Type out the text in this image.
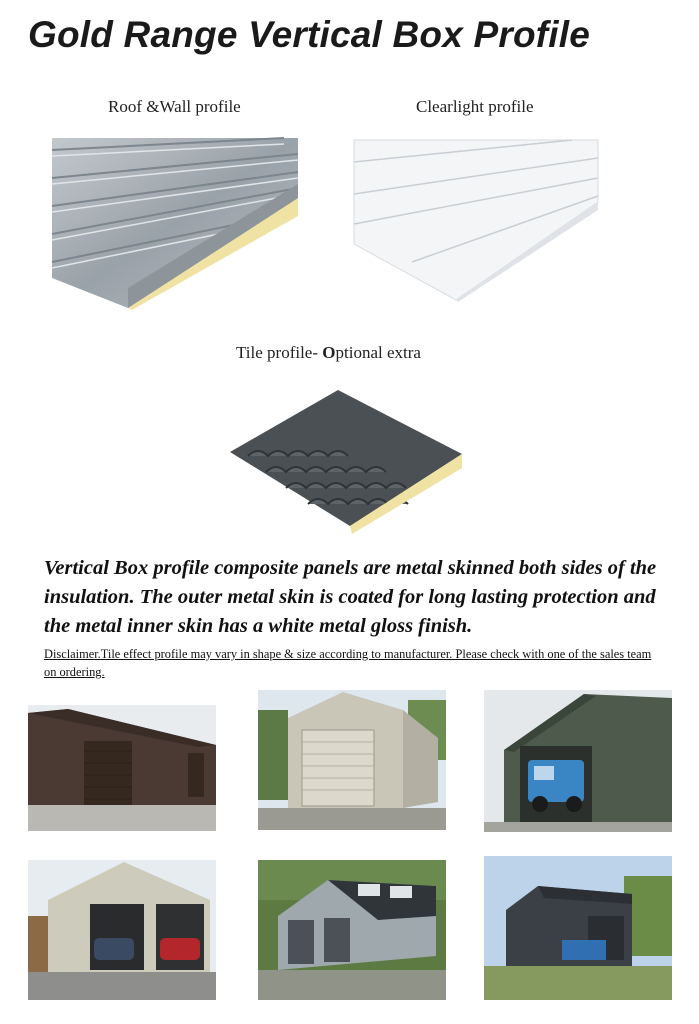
Gold Range Vertical Box Profile
Roof &Wall profile	Clearlight profile
Tile profile- Optional extra
Vertical Box profile composite panels are metal skinned both sides of the insulation. The outer metal skin is coated for long lasting protection and the metal inner skin has a white metal gloss finish.
Disclaimer.Tile effect profile may vary in shape & size according to manufacturer. Please check with one of the sales team on ordering.
